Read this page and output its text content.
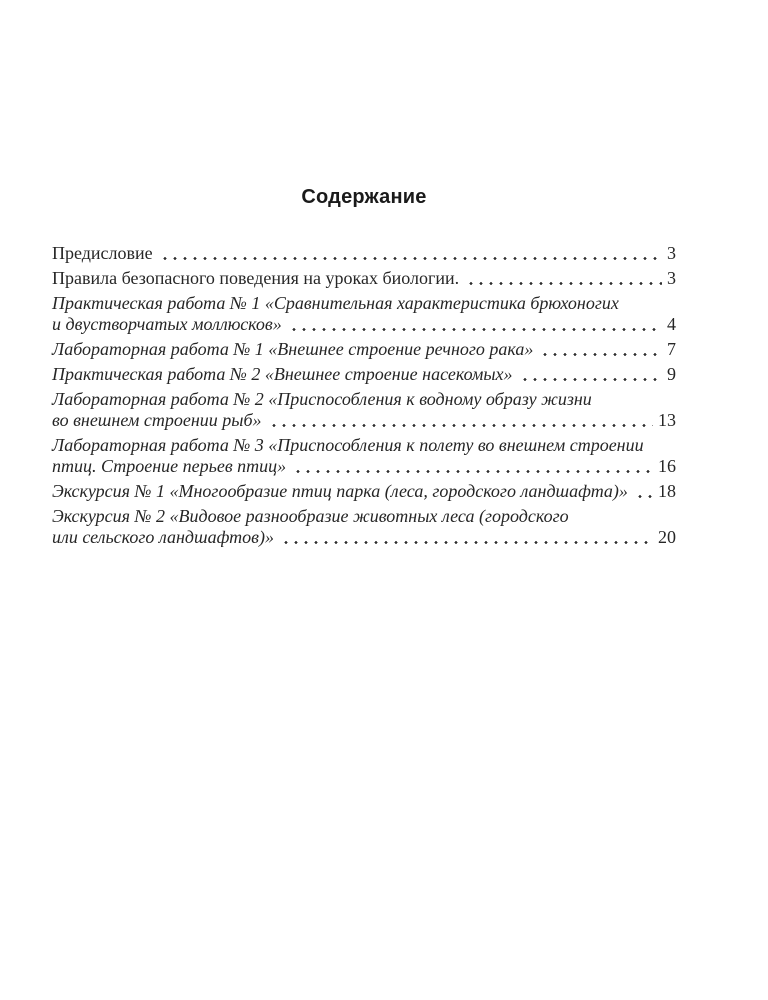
Содержание
Предисловие	3
Правила безопасного поведения на уроках биологии.	3
Практическая работа № 1 «Сравнительная характеристика брюхоногих
и двустворчатых моллюсков»	4
Лабораторная работа № 1 «Внешнее строение речного рака»	7
Практическая работа № 2 «Внешнее строение насекомых»	9
Лабораторная работа № 2 «Приспособления к водному образу жизни
во внешнем строении рыб»	13
Лабораторная работа № 3 «Приспособления к полету во внешнем строении
птиц. Строение перьев птиц»	16
Экскурсия № 1 «Многообразие птиц парка (леса, городского ландшафта)» 18
Экскурсия № 2 «Видовое разнообразие животных леса (городского
или сельского ландшафтов)»	20
